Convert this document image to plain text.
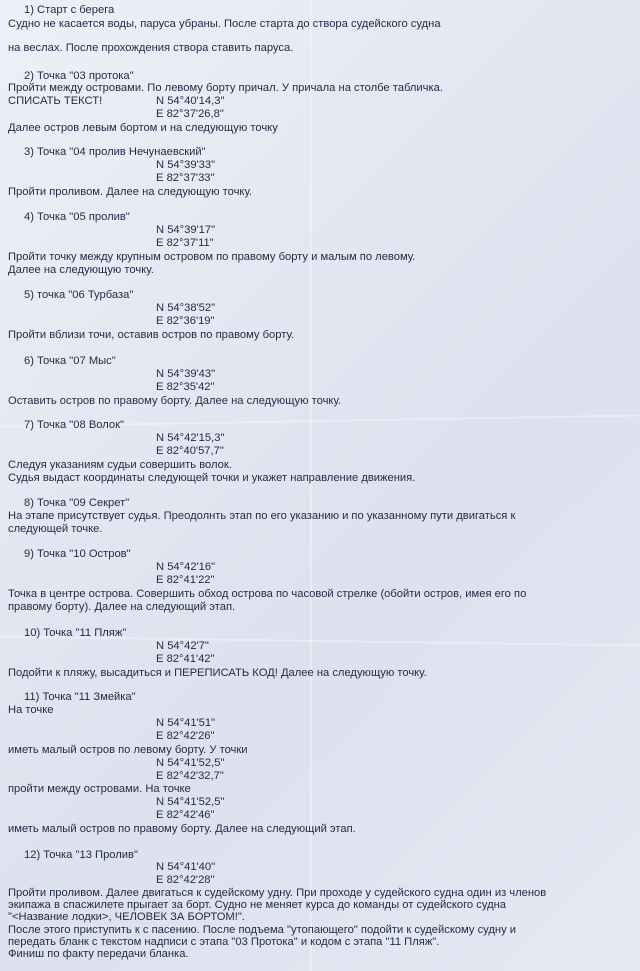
1) Старт с берега
Судно не касается воды, паруса убраны. После старта до створа судейского судна
на веслах. После прохождения створа ставить паруса.
2) Точка "03 протока"
Пройти между островами. По левому борту причал. У причала на столбе табличка.
СПИСАТЬ ТЕКСТ!	N 54°40'14,3"
E 82°37'26,8"
Далее остров левым бортом и на следующую точку
3) Точка "04 пролив Нечунаевский"
N 54°39'33"
E 82°37'33"
Пройти проливом. Далее на следующую точку.
4) Точка "05 пролив"
N 54°39'17"
E 82°37'11"
Пройти точку между крупным островом по правому борту и малым по левому.
Далее на следующую точку.
5) точка "06 Турбаза"
N 54°38'52"
E 82°36'19"
Пройти вблизи точи, оставив остров по правому борту.
6) Точка "07 Мыс"
N 54°39'43"
E 82°35'42"
Оставить остров по правому борту. Далее на следующую точку.
7) Точка "08 Волок"
N 54°42'15,3"
E 82°40'57,7"
Следуя указаниям судьи совершить волок.
Судья выдаст координаты следующей точки и укажет направление движения.
8) Точка "09 Секрет"
На этапе присутствует судья. Преодолнть этап по его указанию и по указанному пути двигаться к
следующей точке.
9) Точка "10 Остров"
N 54°42'16"
E 82°41'22"
Точка в центре острова. Совершить обход острова по часовой стрелке (обойти остров, имея его по
правому борту). Далее на следующий этап.
10) Точка "11 Пляж"
N 54°42'7"
E 82°41'42"
Подойти к пляжу, высадиться и ПЕРЕПИСАТЬ КОД! Далее на следующую точку.
11) Точка "11 Змейка"
На точке
N 54°41'51"
E 82°42'26"
иметь малый остров по левому борту. У точки
N 54°41'52,5"
E 82°42'32,7"
пройти между островами. На точке
N 54°41'52,5"
E 82°42'46"
иметь малый остров по правому борту. Далее на следующий этап.
12) Точка "13 Пролив"
N 54°41'40"
E 82°42'28"
Пройти проливом. Далее двигаться к судейскому удну. При проходе у судейского судна один из членов
экипажа в спасжилете прыгает за борт. Судно не меняет курса до команды от судейского судна
"<Название лодки>, ЧЕЛОВЕК ЗА БОРТОМ!".
После этого приступить к с пасению. После подъема "утопающего" подойти к судейскому судну и
передать бланк с текстом надписи с этапа "03 Протока" и кодом с этапа "11 Пляж".
Финиш по факту передачи бланка.
